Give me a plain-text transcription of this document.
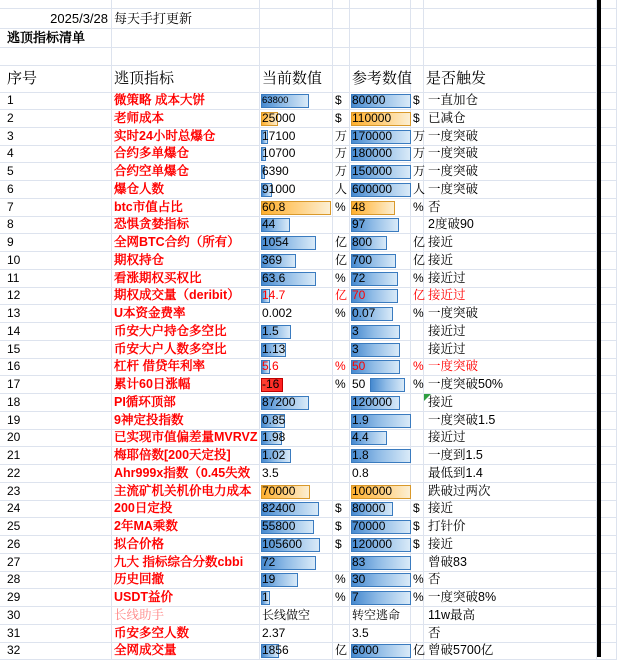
2025/3/28 每天手打更新
逃顶指标清单
序号	逃顶指标	当前数值	参考数值 是否触发
1	微策略 成本大饼	63800	$ 80000	$ 一直加仓
2	老师成本	25000	$ 110000	$ 已减仓
3	实时24小时总爆仓	17100	万 170000	万 一度突破
4	合约多单爆仓	10700	万 180000	万 一度突破
5	合约空单爆仓	6390	万 150000	万 一度突破
6	爆仓人数	91000	人 600000	人 一度突破
7	btc市值占比	60.8	% 48	% 否
8	恐惧贪婪指标	44	97	2度破90
9	全网BTC合约（所有）	1054	亿 800	亿 接近
10	期权持仓	369	亿 700	亿 接近
11	看涨期权买权比	63.6	% 72	% 接近过
12	期权成交量（deribit）	14.7	亿 70	亿 接近过
13	U本资金费率	0.002	% 0.07	% 一度突破
14	币安大户持仓多空比	1.5	3	接近过
15	币安大户人数多空比	1.13	3	接近过
16	杠杆 借贷年利率	5.6	% 50	% 一度突破
17	累计60日涨幅	-16	% 50	% 一度突破50%
18	PI循环顶部	87200	120000	接近
19	9神定投指数	0.85	1.9	一度突破1.5
20	已实现市值偏差量MVRVZ 1.98	4.4	接近过
21	梅耶倍数[200天定投]	1.02	1.8	一度到1.5
22	Ahr999x指数（0.45失效 3.5	0.8	最低到1.4
23	主流矿机关机价电力成本 70000	100000	跌破过两次
24	200日定投	82400	$ 80000	$ 接近
25	2年MA乘数	55800	$ 70000	$ 打针价
26	拟合价格	105600	$ 120000	$ 接近
27	九大 指标综合分数cbbi	72	83	曾破83
28	历史回撤	19	% 30	% 否
29	USDT益价	1	% 7	% 一度突破8%
30	长线助手	长线做空	转空逃命	11w最高
31	币安多空人数	2.37	3.5	否
32	全网成交量	1856	亿 6000	亿 曾破5700亿
